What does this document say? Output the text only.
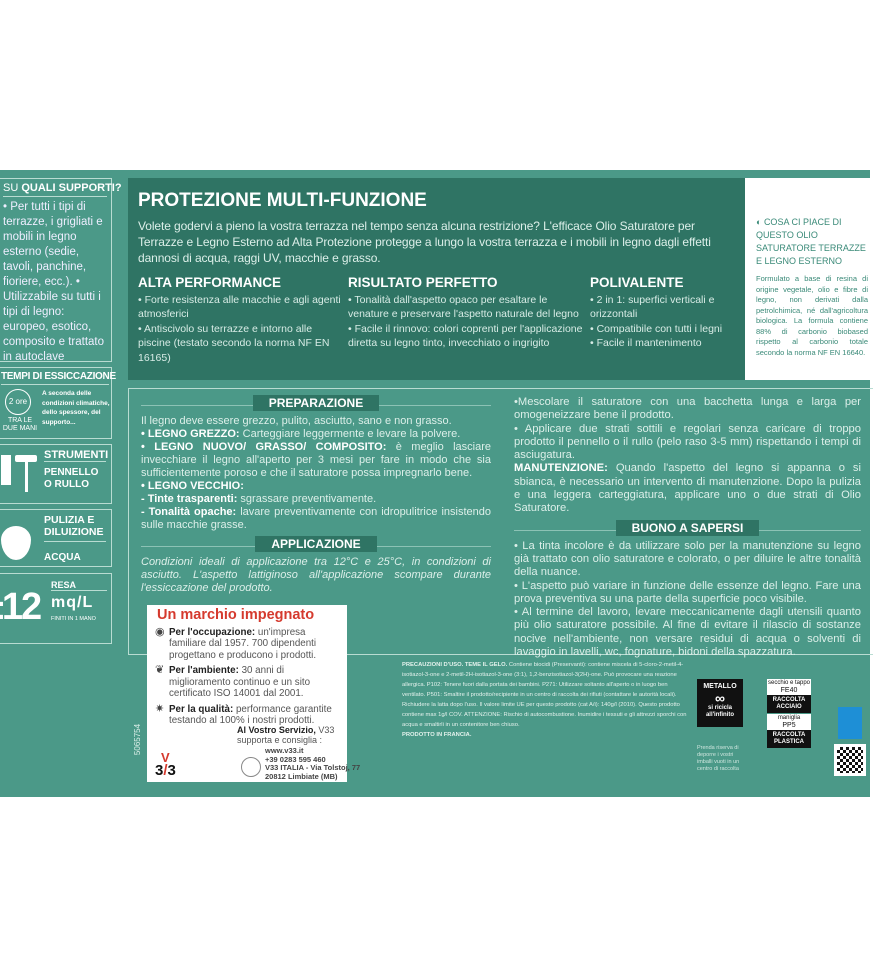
SU QUALI SUPPORTI?
• Per tutti i tipi di terrazze, i grigliati e mobili in legno esterno (sedie, tavoli, panchine, fioriere, ecc.). • Utilizzabile su tutti i tipi di legno: europeo, esotico, composito e trattato in autoclave
TEMPI DI ESSICCAZIONE
2 ore
TRA LE DUE MANI
A seconda delle condizioni climatiche, dello spessore, del supporto...
STRUMENTI
PENNELLO O RULLO
PULIZIA E DILUIZIONE
ACQUA
12
RESA
mq/L
FINITI IN 1 MANO
PROTEZIONE MULTI-FUNZIONE
Volete godervi a pieno la vostra terrazza nel tempo senza alcuna restrizione? L'efficace Olio Saturatore per Terrazze e Legno Esterno ad Alta Protezione protegge a lungo la vostra terrazza e i mobili in legno dagli effetti dannosi di acqua, raggi UV, macchie e grasso.
ALTA PERFORMANCE
• Forte resistenza alle macchie e agli agenti atmosferici
• Antiscivolo su terrazze e intorno alle piscine (testato secondo la norma NF EN 16165)
RISULTATO PERFETTO
• Tonalità dall'aspetto opaco per esaltare le venature e preservare l'aspetto naturale del legno
• Facile il rinnovo: colori coprenti per l'applicazione diretta su legno tinto, invecchiato o ingrigito
POLIVALENTE
• 2 in 1: superfici verticali e orizzontali
• Compatibile con tutti i legni
• Facile il mantenimento
◐ COSA CI PIACE DI QUESTO OLIO SATURATORE TERRAZZE E LEGNO ESTERNO

Formulato a base di resina di origine vegetale, olio e fibre di legno, non derivati dalla petrolchimica, né dall'agricoltura biologica. La formula contiene 88% di carbonio biobased rispetto al carbonio totale secondo la norma NF EN 16640.

PREPARAZIONE
Il legno deve essere grezzo, pulito, asciutto, sano e non grasso.
• LEGNO GREZZO: Carteggiare leggermente e levare la polvere.
• LEGNO NUOVO/ GRASSO/ COMPOSITO: è meglio lasciare invecchiare il legno all'aperto per 3 mesi per fare in modo che sia sufficientemente poroso e che il saturatore possa impregnarlo bene.
• LEGNO VECCHIO:
- Tinte trasparenti: sgrassare preventivamente.
- Tonalità opache: lavare preventivamente con idropulitrice insistendo sulle macchie grasse.
APPLICAZIONE
Condizioni ideali di applicazione tra 12°C e 25°C, in condizioni di asciutto. L'aspetto lattiginoso all'applicazione scompare durante l'essiccazione del prodotto.
•Mescolare il saturatore con una bacchetta lunga e larga per omogeneizzare bene il prodotto.
• Applicare due strati sottili e regolari senza caricare di troppo prodotto il pennello o il rullo (pelo raso 3-5 mm) rispettando i tempi di asciugatura.
MANUTENZIONE: Quando l'aspetto del legno si appanna o si sbianca, è necessario un intervento di manutenzione. Dopo la pulizia e una leggera carteggiatura, applicare uno o due strati di Olio Saturatore.
BUONO A SAPERSI
• La tinta incolore è da utilizzare solo per la manutenzione su legno già trattato con olio saturatore e colorato, o per diluire le altre tonalità della nuance.
• L'aspetto può variare in funzione delle essenze del legno. Fare una prova preventiva su una parte della superficie poco visibile.
• Al termine del lavoro, levare meccanicamente dagli utensili quanto più olio saturatore possibile. Al fine di evitare il rilascio di sostanze nocive nell'ambiente, non versare residui di acqua o solventi di lavaggio in lavelli, wc, fognature, bidoni della spazzatura.
Un marchio impegnato
◉ Per l'occupazione: un'impresa familiare dal 1957. 700 dipendenti progettano e producono i prodotti.
❦ Per l'ambiente: 30 anni di miglioramento continuo e un sito certificato ISO 14001 dal 2001.
✷ Per la qualità: performance garantite testando al 100% i nostri prodotti.
V
3/3
Al Vostro Servizio, V33 supporta e consiglia :
www.v33.it
+39 0283 595 460
V33 ITALIA - Via Tolstoj, 77
20812 Limbiate (MB)
5065754
PRECAUZIONI D'USO. TEME IL GELO. Contiene biocidi (Preservanti): contiene miscela di 5-cloro-2-metil-4-isotiazol-3-one e 2-metil-2H-isotiazol-3-one (3:1), 1,2-benzisotiazol-3(2H)-one. Può provocare una reazione allergica. P102: Tenere fuori dalla portata dei bambini. P271: Utilizzare soltanto all'aperto o in luogo ben ventilato. P501: Smaltire il prodotto/recipiente in un centro di raccolta dei rifiuti (contattare le autorità locali). Richiudere la latta dopo l'uso. Il valore limite UE per questo prodotto (cat A/i): 140g/l (2010). Questo prodotto contiene max 1g/l COV. ATTENZIONE: Rischio di autocombustione. Inumidire i tessuti e gli attrezzi sporchi con acqua e smaltirli in un contenitore ben chiuso.
PRODOTTO IN FRANCIA.
METALLO
∞
si ricicla
all'infinito
Prenda riserva di deporre i vostri imballi vuoti in un centro di raccolta
secchio e tappo
FE40
RACCOLTA ACCIAIO
maniglia
PP5
RACCOLTA PLASTICA
